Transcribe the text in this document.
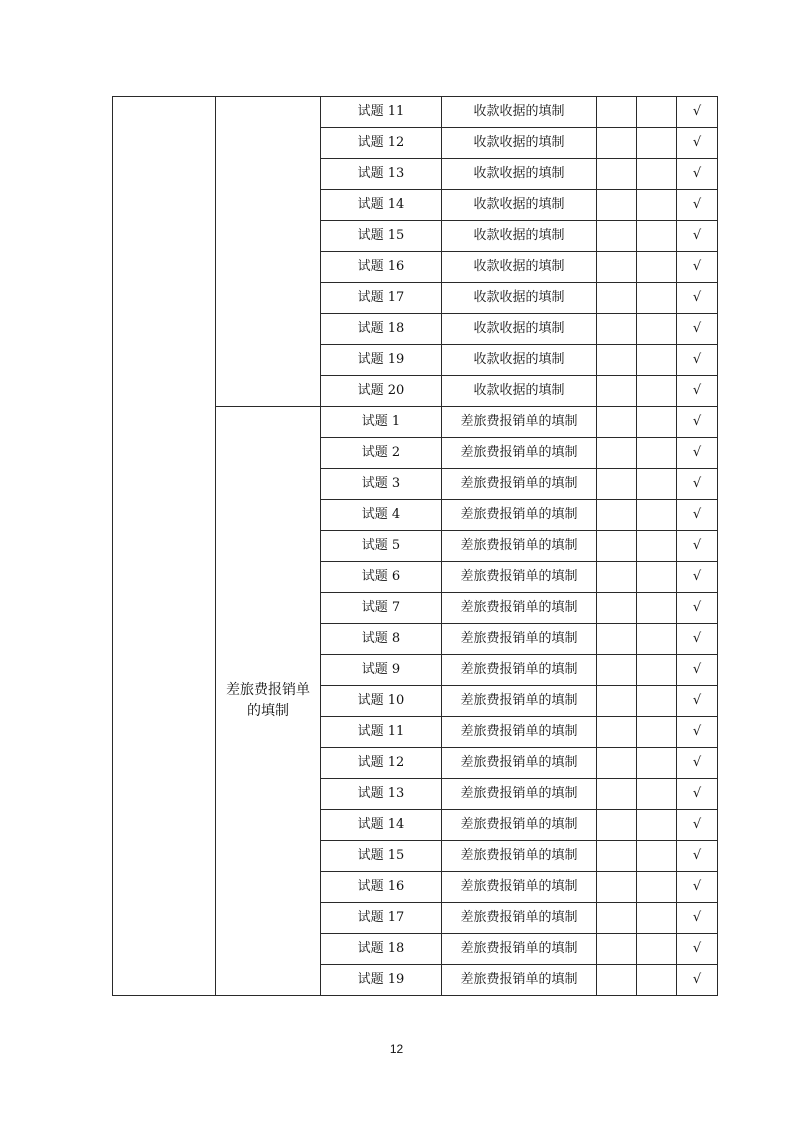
		试题 11	收款收据的填制			√
		试题 12	收款收据的填制			√
		试题 13	收款收据的填制			√
		试题 14	收款收据的填制			√
		试题 15	收款收据的填制			√
		试题 16	收款收据的填制			√
		试题 17	收款收据的填制			√
		试题 18	收款收据的填制			√
		试题 19	收款收据的填制			√
		试题 20	收款收据的填制			√
	差旅费报销单的填制	试题 1	差旅费报销单的填制			√
		试题 2	差旅费报销单的填制			√
		试题 3	差旅费报销单的填制			√
		试题 4	差旅费报销单的填制			√
		试题 5	差旅费报销单的填制			√
		试题 6	差旅费报销单的填制			√
		试题 7	差旅费报销单的填制			√
		试题 8	差旅费报销单的填制			√
		试题 9	差旅费报销单的填制			√
		试题 10	差旅费报销单的填制			√
		试题 11	差旅费报销单的填制			√
		试题 12	差旅费报销单的填制			√
		试题 13	差旅费报销单的填制			√
		试题 14	差旅费报销单的填制			√
		试题 15	差旅费报销单的填制			√
		试题 16	差旅费报销单的填制			√
		试题 17	差旅费报销单的填制			√
		试题 18	差旅费报销单的填制			√
		试题 19	差旅费报销单的填制			√
12
